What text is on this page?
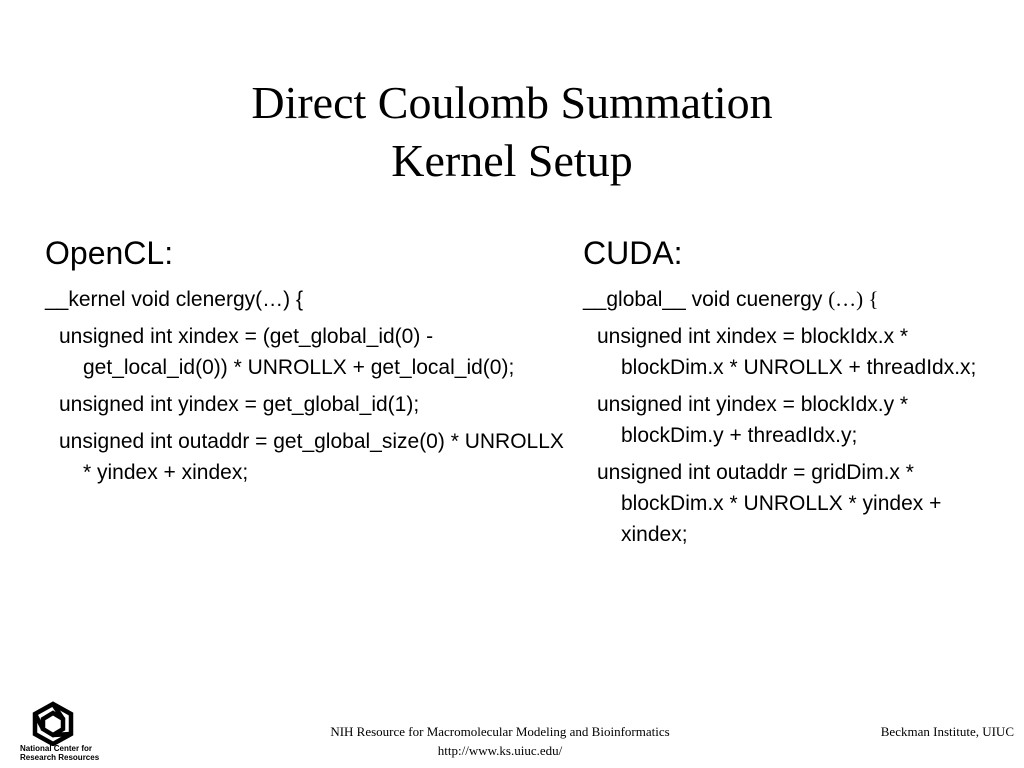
Direct Coulomb Summation
Kernel Setup
OpenCL:
__kernel void clenergy(…) {
unsigned int xindex = (get_global_id(0) - get_local_id(0)) * UNROLLX + get_local_id(0);
unsigned int yindex = get_global_id(1);
unsigned int outaddr = get_global_size(0) * UNROLLX * yindex + xindex;
CUDA:
__global__ void cuenergy (…) {
unsigned int xindex = blockIdx.x * blockDim.x * UNROLLX + threadIdx.x;
unsigned int yindex = blockIdx.y * blockDim.y + threadIdx.y;
unsigned int outaddr = gridDim.x * blockDim.x * UNROLLX * yindex + xindex;
National Center for
Research Resources
NIH Resource for Macromolecular Modeling and Bioinformatics
http://www.ks.uiuc.edu/
Beckman Institute, UIUC
